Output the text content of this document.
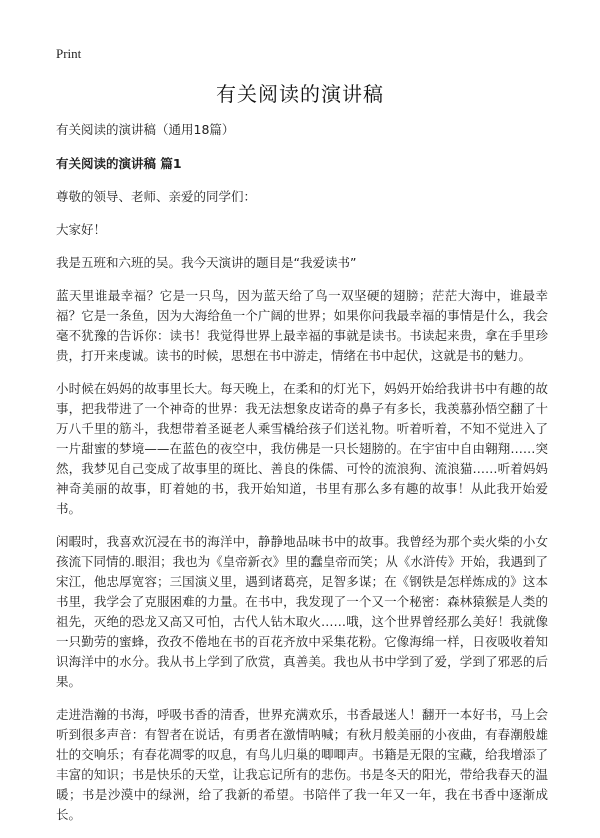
Print
有关阅读的演讲稿

有关阅读的演讲稿（通用18篇）

有关阅读的演讲稿 篇1

尊敬的领导、老师、亲爱的同学们：

大家好！

我是五班和六班的吴。我今天演讲的题目是“我爱读书”

蓝天里谁最幸福？它是一只鸟，因为蓝天给了鸟一双坚硬的翅膀；茫茫大海中，谁最幸福？它是一条鱼，因为大海给鱼一个广阔的世界；如果你问我最幸福的事情是什么，我会毫不犹豫的告诉你：读书！我觉得世界上最幸福的事就是读书。书读起来贵，拿在手里珍贵，打开来虔诚。读书的时候，思想在书中游走，情绪在书中起伏，这就是书的魅力。

小时候在妈妈的故事里长大。每天晚上，在柔和的灯光下，妈妈开始给我讲书中有趣的故事，把我带进了一个神奇的世界：我无法想象皮诺奇的鼻子有多长，我羡慕孙悟空翻了十万八千里的筋斗，我想带着圣诞老人乘雪橇给孩子们送礼物。听着听着，不知不觉进入了一片甜蜜的梦境——在蓝色的夜空中，我仿佛是一只长翅膀的。在宇宙中自由翱翔……突然，我梦见自己变成了故事里的斑比、善良的侏儒、可怜的流浪狗、流浪猫……听着妈妈神奇美丽的故事，盯着她的书，我开始知道，书里有那么多有趣的故事！从此我开始爱书。

闲暇时，我喜欢沉浸在书的海洋中，静静地品味书中的故事。我曾经为那个卖火柴的小女孩流下同情的.眼泪；我也为《皇帝新衣》里的蠢皇帝而笑；从《水浒传》开始，我遇到了宋江，他忠厚宽容；三国演义里，遇到诸葛亮，足智多谋；在《钢铁是怎样炼成的》这本书里，我学会了克服困难的力量。在书中，我发现了一个又一个秘密：森林猿猴是人类的祖先，灭绝的恐龙又高又可怕，古代人钻木取火……哦，这个世界曾经那么美好！我就像一只勤劳的蜜蜂，孜孜不倦地在书的百花齐放中采集花粉。它像海绵一样，日夜吸收着知识海洋中的水分。我从书上学到了欣赏，真善美。我也从书中学到了爱，学到了邪恶的后果。

走进浩瀚的书海，呼吸书香的清香，世界充满欢乐，书香最迷人！翻开一本好书，马上会听到很多声音：有智者在说话，有勇者在激情呐喊；有秋月般美丽的小夜曲，有春潮般雄壮的交响乐；有春花凋零的叹息，有鸟儿归巢的唧唧声。书籍是无限的宝藏，给我增添了丰富的知识；书是快乐的天堂，让我忘记所有的悲伤。书是冬天的阳光，带给我春天的温暖；书是沙漠中的绿洲，给了我新的希望。书陪伴了我一年又一年，我在书香中逐渐成长。
